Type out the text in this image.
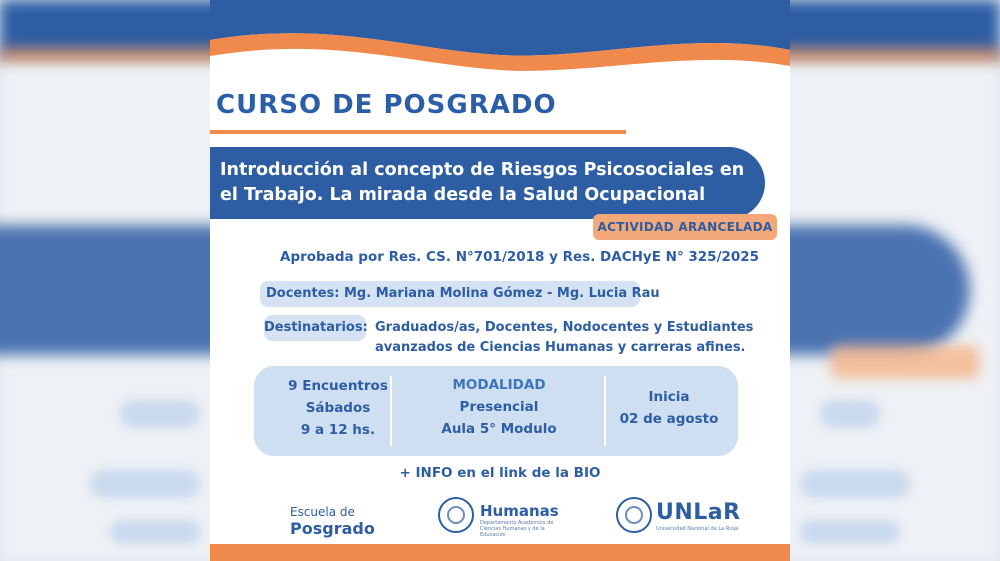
CURSO DE POSGRADO
Introducción al concepto de Riesgos Psicosociales en
el Trabajo. La mirada desde la Salud Ocupacional
ACTIVIDAD ARANCELADA
Aprobada por Res. CS. N°701/2018 y Res. DACHyE N° 325/2025
Docentes: Mg. Mariana Molina Gómez - Mg. Lucia Rau
Destinatarios: Graduados/as, Docentes, Nodocentes y Estudiantes
avanzados de Ciencias Humanas y carreras afines.
9 Encuentros
Sábados
9 a 12 hs.
MODALIDAD
Presencial
Aula 5° Modulo
Inicia
02 de agosto
+ INFO en el link de la BIO
Escuela de
Posgrado
Humanas
Departamento Académico de Ciencias Humanas y de la Educación
UNLaR
Universidad Nacional de La Rioja
